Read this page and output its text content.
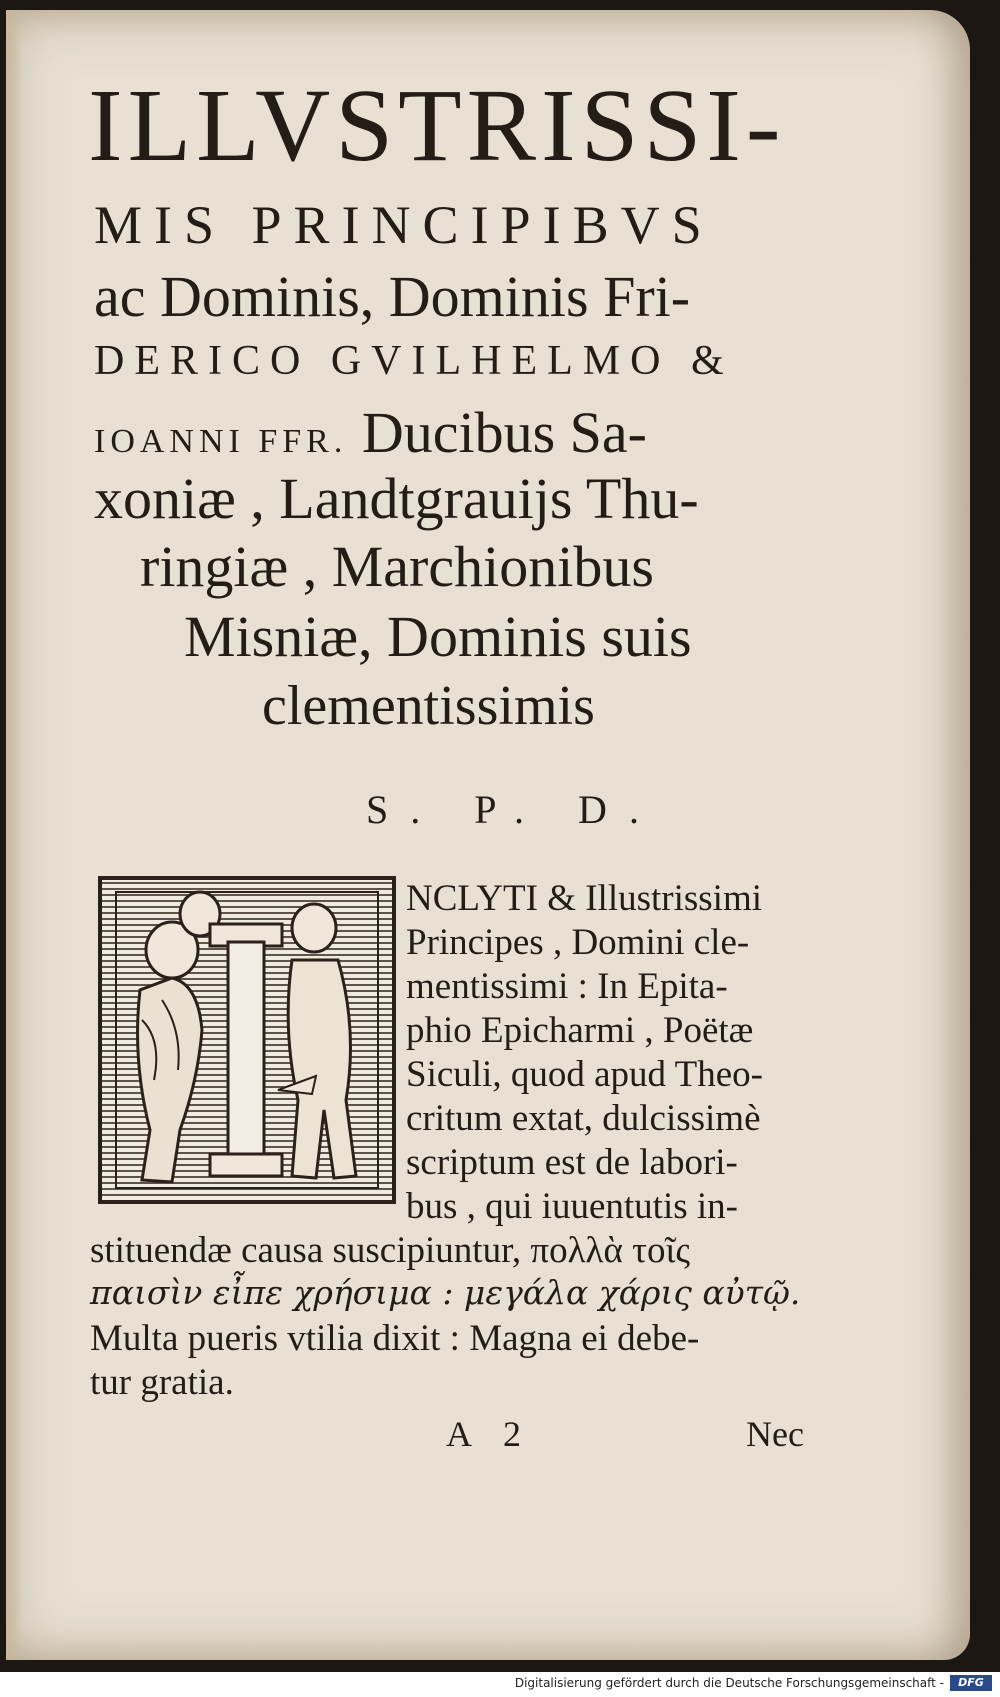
ILLVSTRISSI-
MIS PRINCIPIBVS
ac Dominis, Dominis Fri-
DERICO GVILHELMO &
IOANNI FFR. Ducibus Sa-
xoniæ , Landtgrauijs Thu-
ringiæ , Marchionibus
Misniæ, Dominis suis
clementissimis
S. P. D.
NCLYTI & Illustrissimi
Principes , Domini cle-
mentissimi : In Epita-
phio Epicharmi , Poëtæ
Siculi, quod apud Theo-
critum extat, dulcissimè
scriptum est de labori-
bus , qui iuuentutis in-
stituendæ causa suscipiuntur, πολλὰ τοῖς
παισὶν εἶπε χρήσιμα : μεγάλα χάρις αὐτῷ.
Multa pueris vtilia dixit : Magna ei debe-
tur gratia.
A 2	Nec
Digitalisierung gefördert durch die Deutsche Forschungsgemeinschaft -	DFG
